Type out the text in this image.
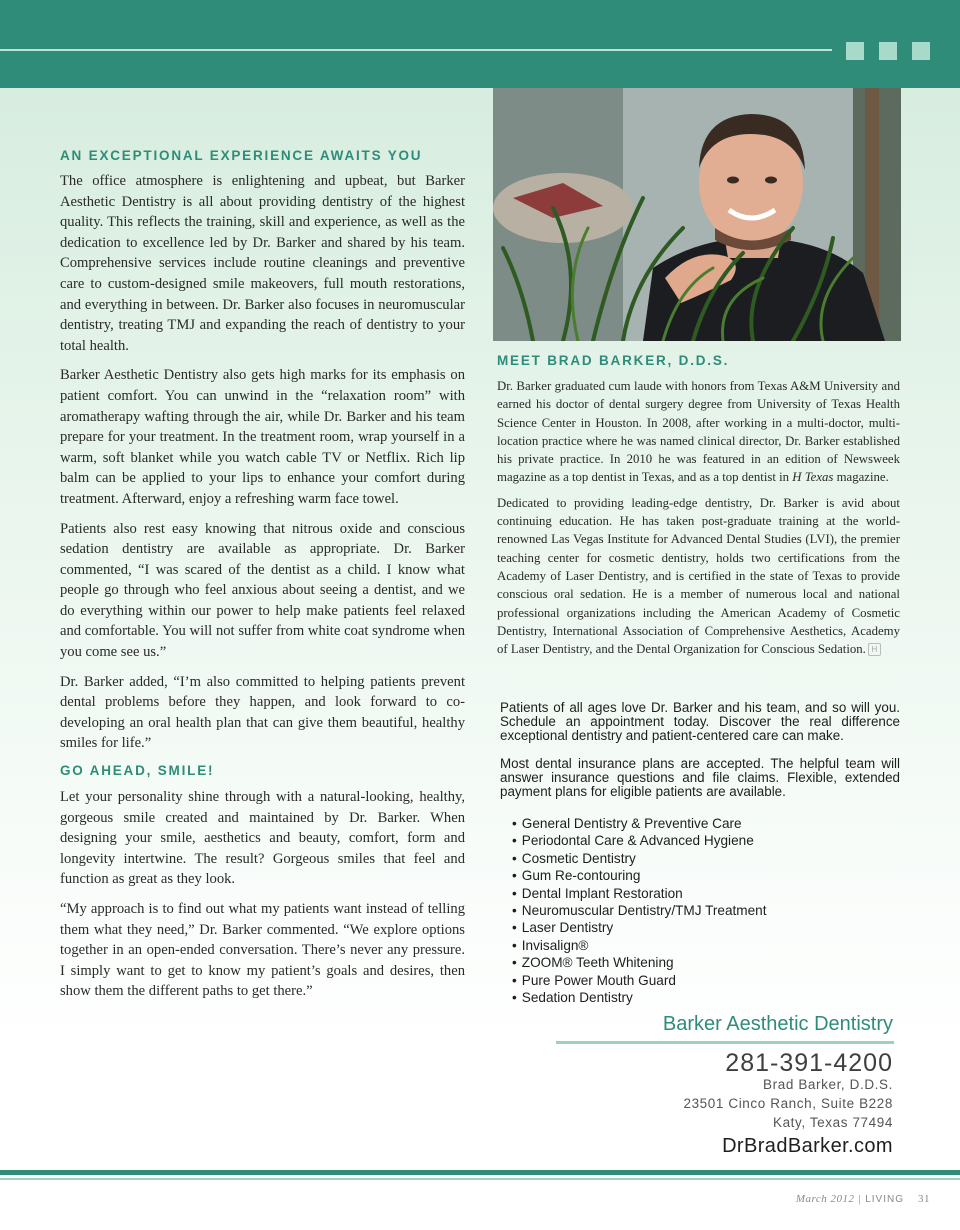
AN EXCEPTIONAL EXPERIENCE AWAITS YOU

The office atmosphere is enlightening and upbeat, but Barker Aesthetic Dentistry is all about providing dentistry of the highest quality. This reflects the training, skill and experience, as well as the dedication to excellence led by Dr. Barker and shared by his team. Comprehensive services include routine cleanings and preventive care to custom-designed smile makeovers, full mouth restorations, and everything in between. Dr. Barker also focuses in neuromuscular dentistry, treating TMJ and expanding the reach of dentistry to your total health.

Barker Aesthetic Dentistry also gets high marks for its emphasis on patient comfort. You can unwind in the “relaxation room” with aromatherapy wafting through the air, while Dr. Barker and his team prepare for your treatment. In the treatment room, wrap yourself in a warm, soft blanket while you watch cable TV or Netflix. Rich lip balm can be applied to your lips to enhance your comfort during treatment. Afterward, enjoy a refreshing warm face towel.

Patients also rest easy knowing that nitrous oxide and conscious sedation dentistry are available as appropriate. Dr. Barker commented, “I was scared of the dentist as a child. I know what people go through who feel anxious about seeing a dentist, and we do everything within our power to help make patients feel relaxed and comfortable. You will not suffer from white coat syndrome when you come see us.”

Dr. Barker added, “I’m also committed to helping patients prevent dental problems before they happen, and look forward to co-developing an oral health plan that can give them beautiful, healthy smiles for life.”

GO AHEAD, SMILE!

Let your personality shine through with a natural-looking, healthy, gorgeous smile created and maintained by Dr. Barker. When designing your smile, aesthetics and beauty, comfort, form and longevity intertwine. The result? Gorgeous smiles that feel and function as great as they look.

“My approach is to find out what my patients want instead of telling them what they need,” Dr. Barker commented. “We explore options together in an open-ended conversation. There’s never any pressure. I simply want to get to know my patient’s goals and desires, then show them the different paths to get there.”

MEET BRAD BARKER, D.D.S.

Dr. Barker graduated cum laude with honors from Texas A&M University and earned his doctor of dental surgery degree from University of Texas Health Science Center in Houston. In 2008, after working in a multi-doctor, multi-location practice where he was named clinical director, Dr. Barker established his private practice. In 2010 he was featured in an edition of Newsweek magazine as a top dentist in Texas, and as a top dentist in H Texas magazine.

Dedicated to providing leading-edge dentistry, Dr. Barker is avid about continuing education. He has taken post-graduate training at the world-renowned Las Vegas Institute for Advanced Dental Studies (LVI), the premier teaching center for cosmetic dentistry, holds two certifications from the Academy of Laser Dentistry, and is certified in the state of Texas to provide conscious oral sedation. He is a member of numerous local and national professional organizations including the American Academy of Cosmetic Dentistry, International Association of Comprehensive Aesthetics, Academy of Laser Dentistry, and the Dental Organization for Conscious Sedation. H

Patients of all ages love Dr. Barker and his team, and so will you. Schedule an appointment today. Discover the real difference exceptional dentistry and patient-centered care can make.

Most dental insurance plans are accepted. The helpful team will answer insurance questions and file claims. Flexible, extended payment plans for eligible patients are available.

• General Dentistry & Preventive Care
• Periodontal Care & Advanced Hygiene
• Cosmetic Dentistry
• Gum Re-contouring
• Dental Implant Restoration
• Neuromuscular Dentistry/TMJ Treatment
• Laser Dentistry
• Invisalign®
• ZOOM® Teeth Whitening
• Pure Power Mouth Guard
• Sedation Dentistry
Barker Aesthetic Dentistry
281-391-4200
Brad Barker, D.D.S.
23501 Cinco Ranch, Suite B228
Katy, Texas 77494
DrBradBarker.com
March 2012 | LIVING 31
